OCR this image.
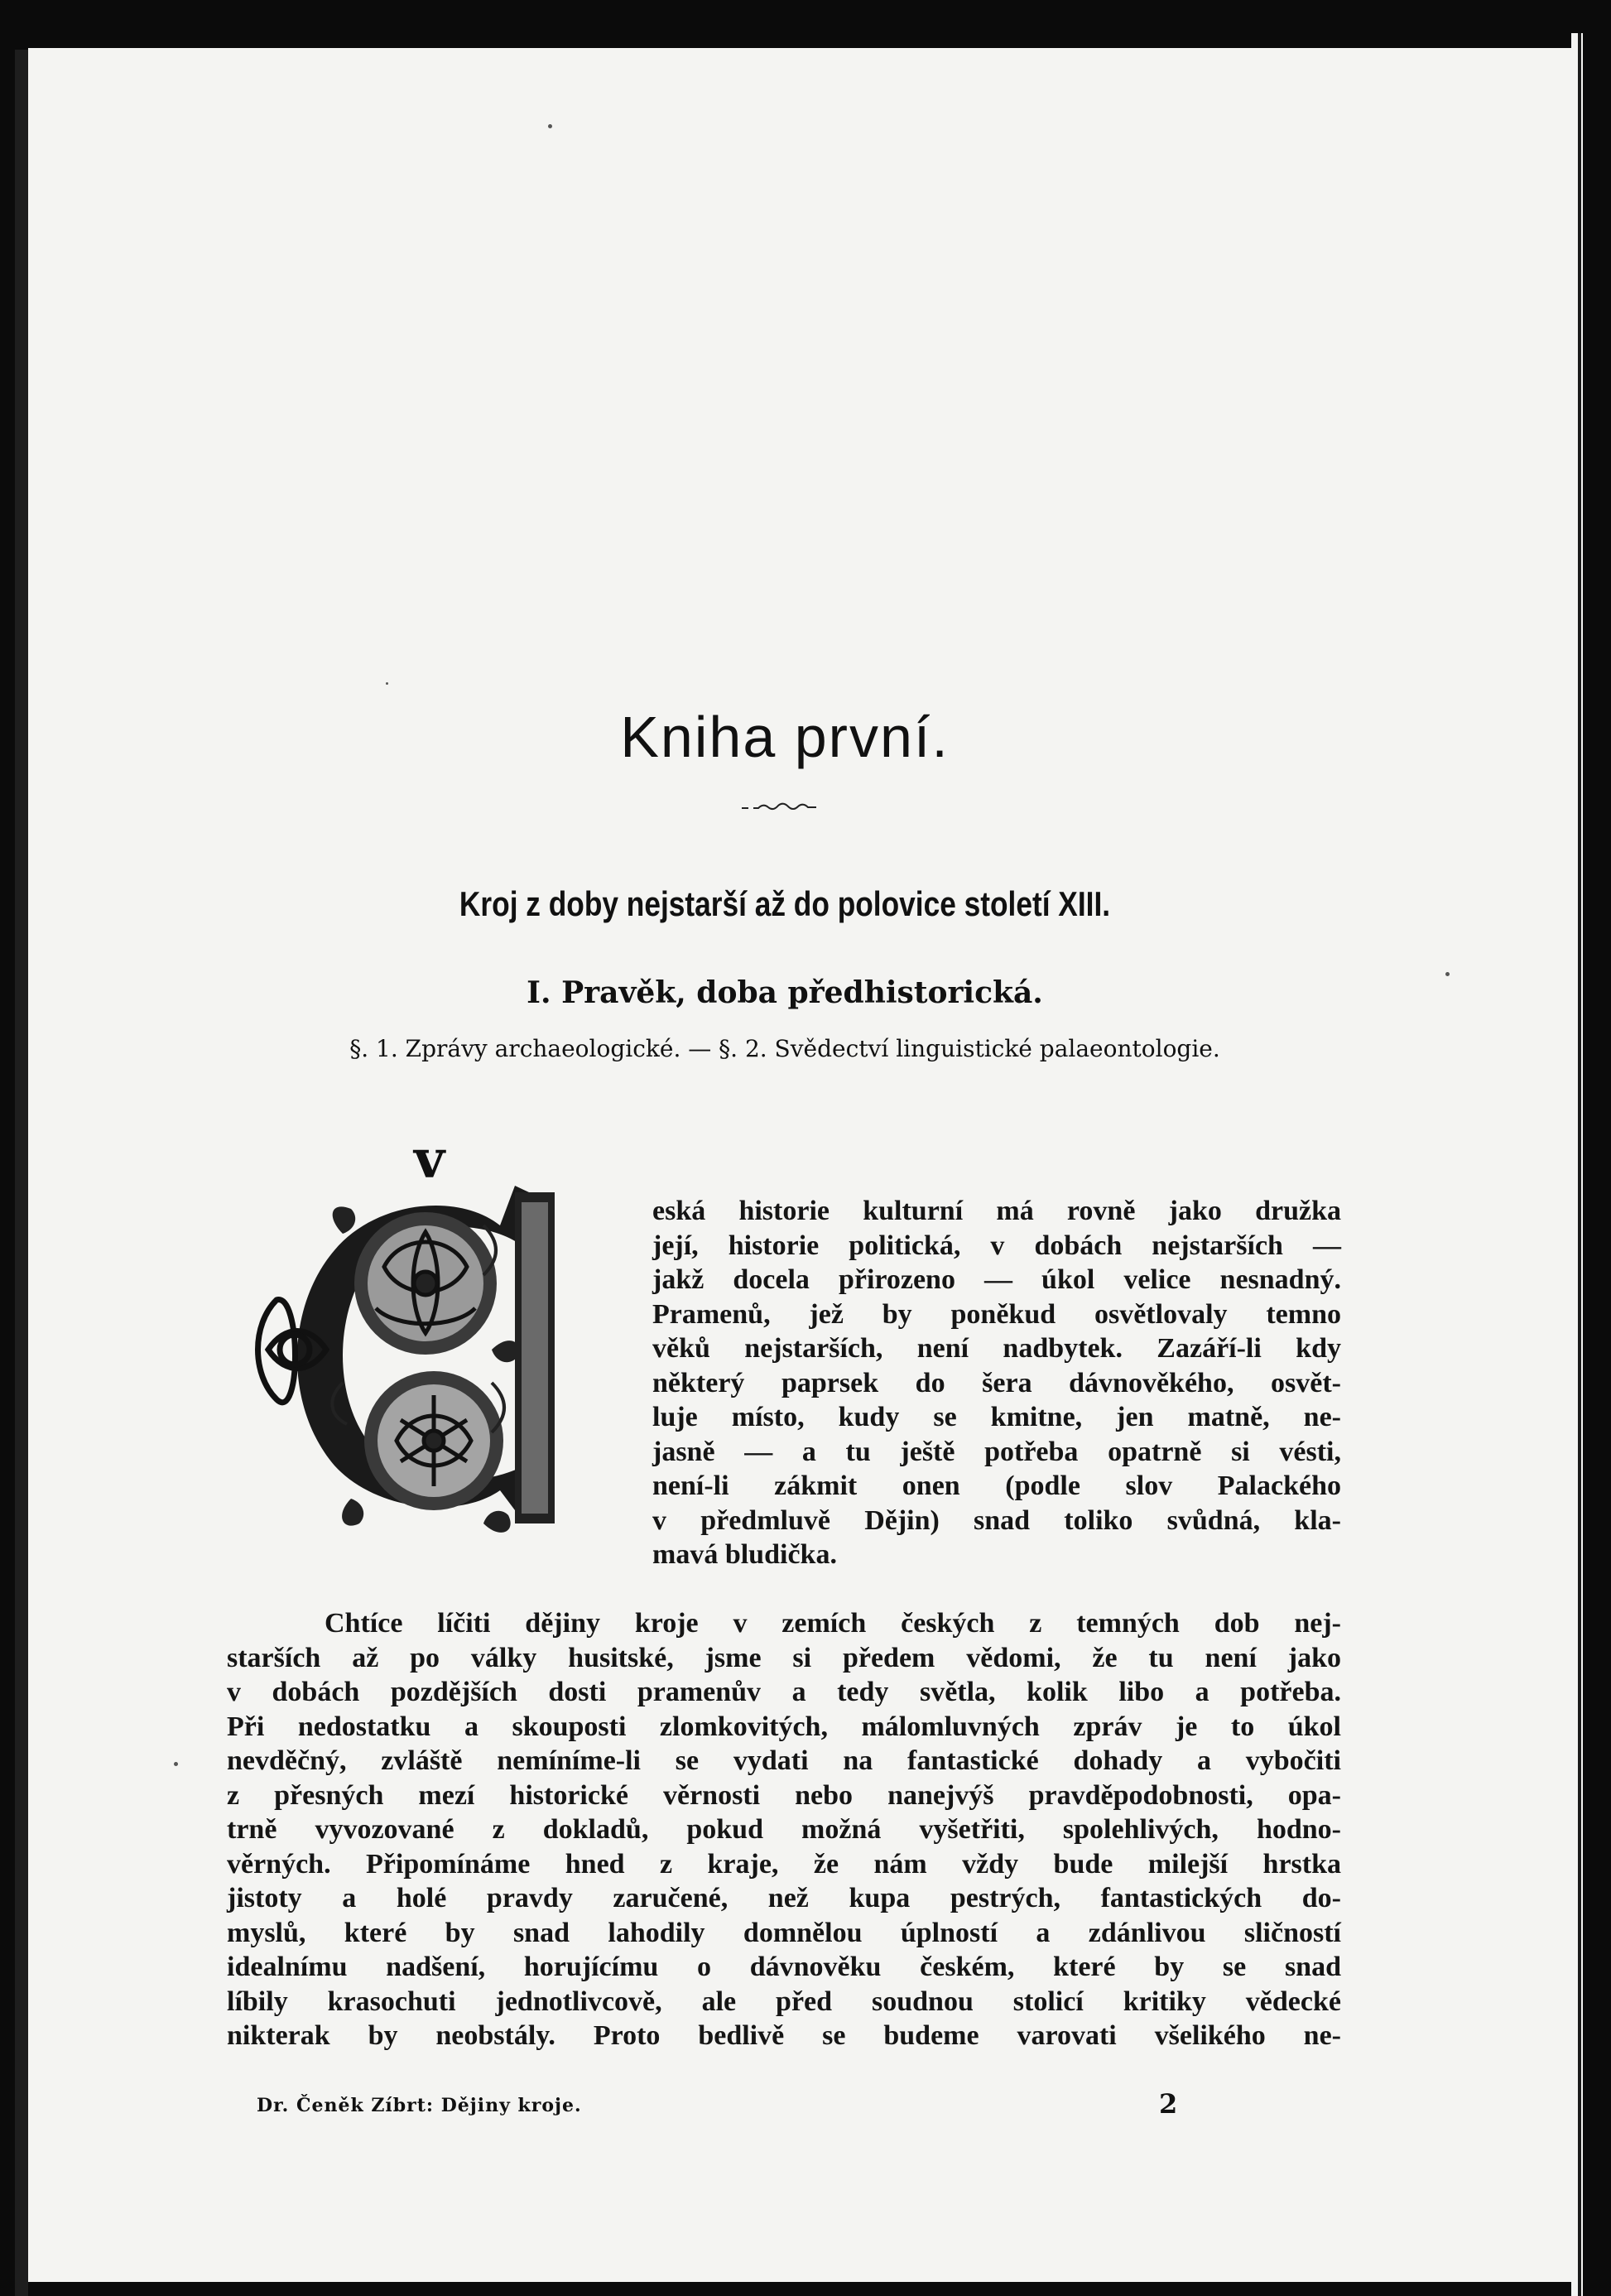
Kniha první.
Kroj z doby nejstarší až do polovice století XIII.
I. Pravěk, doba předhistorická.
§. 1. Zprávy archaeologické. — §. 2. Svědectví linguistické palaeontologie.
v
eská historie kulturní má rovně jako družka
její, historie politická, v dobách nejstarších —
jakž docela přirozeno — úkol velice nesnadný.
Pramenů, jež by poněkud osvětlovaly temno
věků nejstarších, není nadbytek. Zazáří-li kdy
některý paprsek do šera dávnověkého, osvět-
luje místo, kudy se kmitne, jen matně, ne-
jasně — a tu ještě potřeba opatrně si vésti,
není-li zákmit onen (podle slov Palackého
v předmluvě Dějin) snad toliko svůdná, kla-
mavá bludička.
Chtíce líčiti dějiny kroje v zemích českých z temných dob nej-
starších až po války husitské, jsme si předem vědomi, že tu není jako
v dobách pozdějších dosti pramenův a tedy světla, kolik libo a potřeba.
Při nedostatku a skouposti zlomkovitých, málomluvných zpráv je to úkol
nevděčný, zvláště nemíníme-li se vydati na fantastické dohady a vybočiti
z přesných mezí historické věrnosti nebo nanejvýš pravděpodobnosti, opa-
trně vyvozované z dokladů, pokud možná vyšetřiti, spolehlivých, hodno-
věrných. Připomínáme hned z kraje, že nám vždy bude milejší hrstka
jistoty a holé pravdy zaručené, než kupa pestrých, fantastických do-
myslů, které by snad lahodily domnělou úplností a zdánlivou sličností
idealnímu nadšení, horujícímu o dávnověku českém, které by se snad
líbily krasochuti jednotlivcově, ale před soudnou stolicí kritiky vědecké
nikterak by neobstály. Proto bedlivě se budeme varovati všelikého ne-
Dr. Čeněk Zíbrt: Dějiny kroje.	2
